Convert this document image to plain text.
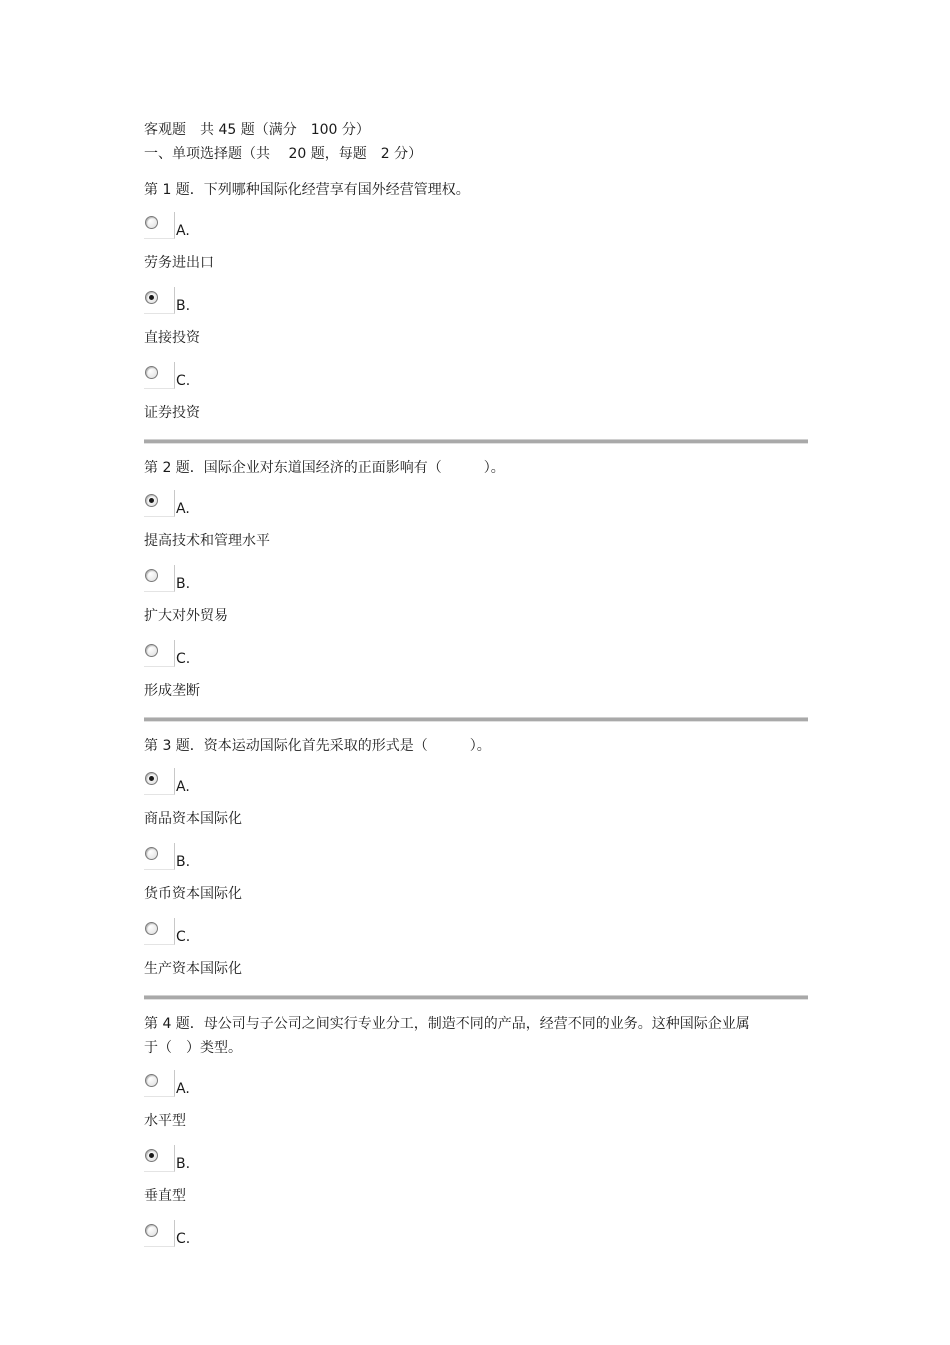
客观题　共 45 题（满分　100 分）
一、单项选择题（共　 20 题，每题　2 分）
第 1 题．下列哪种国际化经营享有国外经营管理权。
A.
劳务进出口
B.
直接投资
C.
证券投资
第 2 题．国际企业对东道国经济的正面影响有（　　　）。
A.
提高技术和管理水平
B.
扩大对外贸易
C.
形成垄断
第 3 题．资本运动国际化首先采取的形式是（　　　）。
A.
商品资本国际化
B.
货币资本国际化
C.
生产资本国际化
第 4 题．母公司与子公司之间实行专业分工，制造不同的产品，经营不同的业务。这种国际企业属于（　）类型。
A.
水平型
B.
垂直型
C.
